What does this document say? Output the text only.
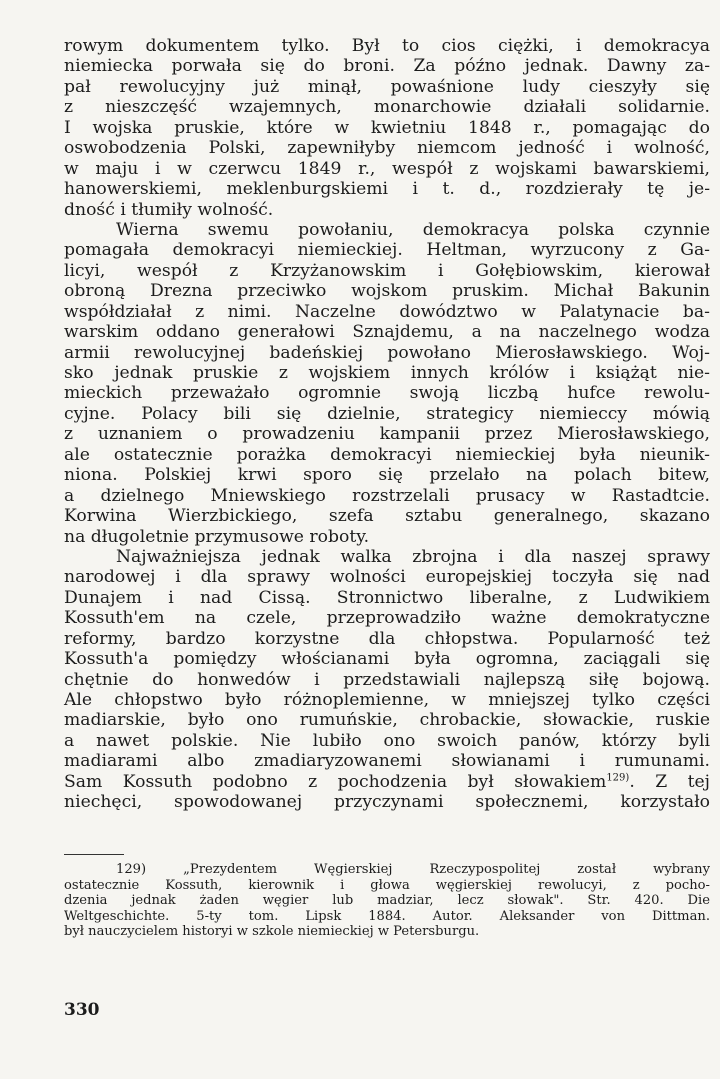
rowym dokumentem tylko. Był to cios ciężki, i demokracya
niemiecka porwała się do broni. Za późno jednak. Dawny za-
pał rewolucyjny już minął, powaśnione ludy cieszyły się
z nieszczęść wzajemnych, monarchowie działali solidarnie.
I wojska pruskie, które w kwietniu 1848 r., pomagając do
oswobodzenia Polski, zapewniłyby niemcom jedność i wolność,
w maju i w czerwcu 1849 r., wespół z wojskami bawarskiemi,
hanowerskiemi, meklenburgskiemi i t. d., rozdzierały tę je-
dność i tłumiły wolność.
Wierna swemu powołaniu, demokracya polska czynnie
pomagała demokracyi niemieckiej. Heltman, wyrzucony z Ga-
licyi, wespół z Krzyżanowskim i Gołębiowskim, kierował
obroną Drezna przeciwko wojskom pruskim. Michał Bakunin
współdziałał z nimi. Naczelne dowództwo w Palatynacie ba-
warskim oddano generałowi Sznajdemu, a na naczelnego wodza
armii rewolucyjnej badeńskiej powołano Mierosławskiego. Woj-
sko jednak pruskie z wojskiem innych królów i książąt nie-
mieckich przeważało ogromnie swoją liczbą hufce rewolu-
cyjne. Polacy bili się dzielnie, strategicy niemieccy mówią
z uznaniem o prowadzeniu kampanii przez Mierosławskiego,
ale ostatecznie porażka demokracyi niemieckiej była nieunik-
niona. Polskiej krwi sporo się przelało na polach bitew,
a dzielnego Mniewskiego rozstrzelali prusacy w Rastadtcie.
Korwina Wierzbickiego, szefa sztabu generalnego, skazano
na długoletnie przymusowe roboty.
Najważniejsza jednak walka zbrojna i dla naszej sprawy
narodowej i dla sprawy wolności europejskiej toczyła się nad
Dunajem i nad Cissą. Stronnictwo liberalne, z Ludwikiem
Kossuth'em na czele, przeprowadziło ważne demokratyczne
reformy, bardzo korzystne dla chłopstwa. Popularność też
Kossuth'a pomiędzy włościanami była ogromna, zaciągali się
chętnie do honwedów i przedstawiali najlepszą siłę bojową.
Ale chłopstwo było różnoplemienne, w mniejszej tylko części
madiarskie, było ono rumuńskie, chrobackie, słowackie, ruskie
a nawet polskie. Nie lubiło ono swoich panów, którzy byli
madiarami albo zmadiaryzowanemi słowianami i rumunami.
Sam Kossuth podobno z pochodzenia był słowakiem$^{129)}$. Z tej
niechęci, spowodowanej przyczynami społecznemi, korzystało
129) „Prezydentem Węgierskiej Rzeczypospolitej został wybrany
ostatecznie Kossuth, kierownik i głowa węgierskiej rewolucyi, z pocho-
dzenia jednak żaden węgier lub madziar, lecz słowak". Str. 420. Die
Weltgeschichte. 5-ty tom. Lipsk 1884. Autor. Aleksander von Dittman.
był nauczycielem historyi w szkole niemieckiej w Petersburgu.
330
